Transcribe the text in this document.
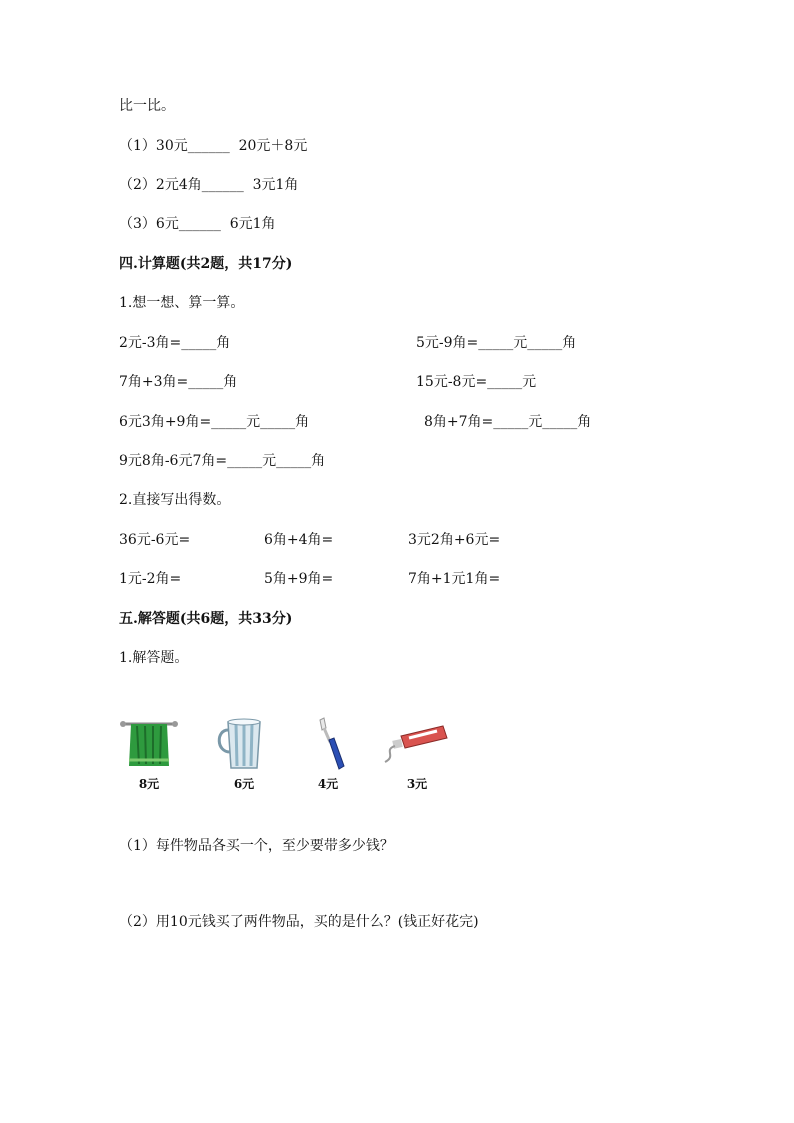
比一比。
（1）30元______  20元＋8元
（2）2元4角______  3元1角
（3）6元______  6元1角
四.计算题(共2题，共17分)
1.想一想、算一算。
2元-3角=_____角	5元-9角=_____元_____角
7角+3角=_____角	15元-8元=_____元
6元3角+9角=_____元_____角	8角+7角=_____元_____角
9元8角-6元7角=_____元_____角
2.直接写出得数。
36元-6元=	6角+4角=	3元2角+6元=
1元-2角=	5角+9角=	7角+1元1角=
五.解答题(共6题，共33分)
1.解答题。
8元	6元	4元	3元
（1）每件物品各买一个，至少要带多少钱？
（2）用10元钱买了两件物品，买的是什么？(钱正好花完)
